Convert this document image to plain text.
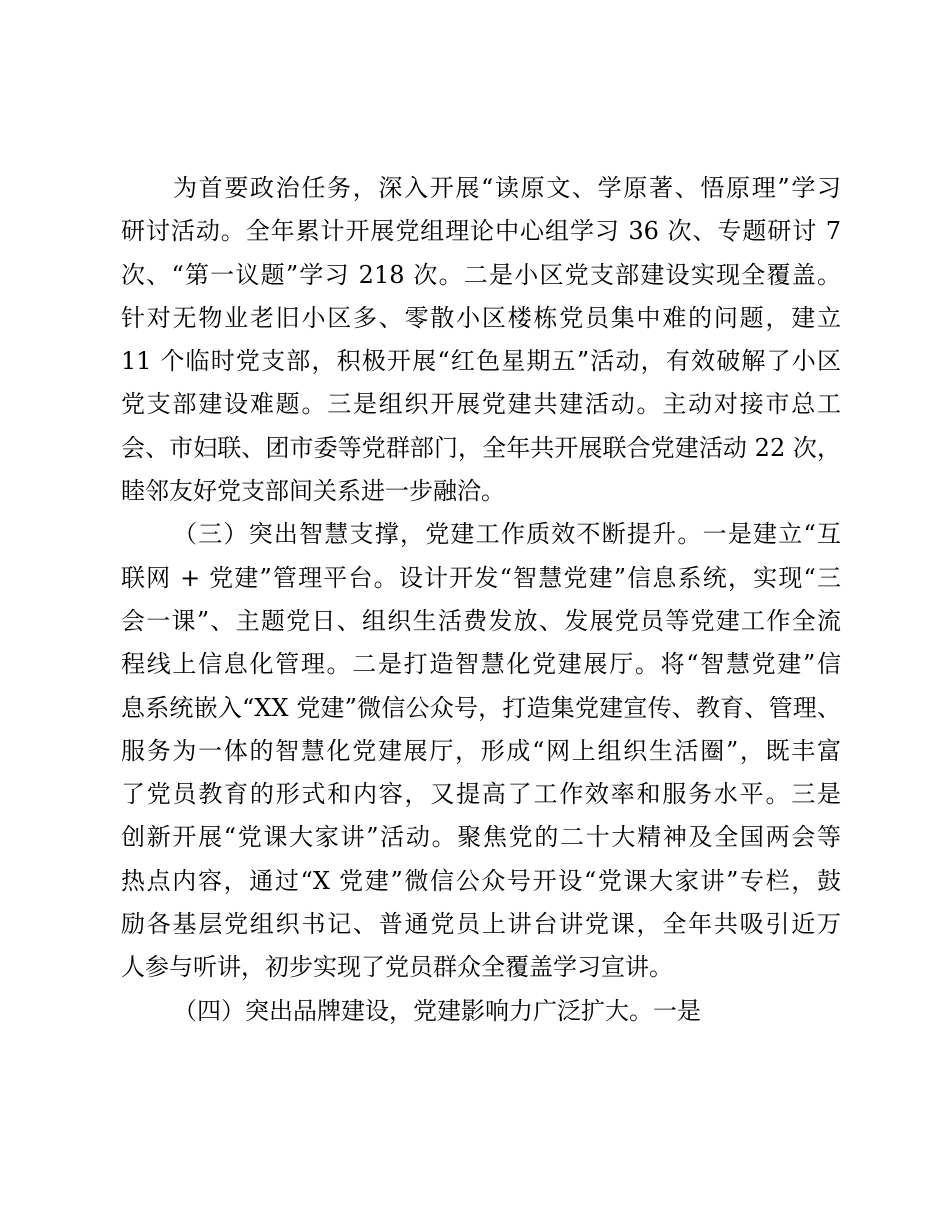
为首要政治任务，深入开展“读原文、学原著、悟原理”学习
研讨活动。全年累计开展党组理论中心组学习 36 次、专题研讨 7
次、“第一议题”学习 218 次。二是小区党支部建设实现全覆盖。
针对无物业老旧小区多、零散小区楼栋党员集中难的问题，建立
11 个临时党支部，积极开展“红色星期五”活动，有效破解了小区
党支部建设难题。三是组织开展党建共建活动。主动对接市总工
会、市妇联、团市委等党群部门，全年共开展联合党建活动 22 次，
睦邻友好党支部间关系进一步融洽。
（三）突出智慧支撑，党建工作质效不断提升。一是建立“互
联网 + 党建”管理平台。设计开发“智慧党建”信息系统，实现“三
会一课”、主题党日、组织生活费发放、发展党员等党建工作全流
程线上信息化管理。二是打造智慧化党建展厅。将“智慧党建”信
息系统嵌入“XX 党建”微信公众号，打造集党建宣传、教育、管理、
服务为一体的智慧化党建展厅，形成“网上组织生活圈”，既丰富
了党员教育的形式和内容，又提高了工作效率和服务水平。三是
创新开展“党课大家讲”活动。聚焦党的二十大精神及全国两会等
热点内容，通过“X 党建”微信公众号开设“党课大家讲”专栏，鼓
励各基层党组织书记、普通党员上讲台讲党课，全年共吸引近万
人参与听讲，初步实现了党员群众全覆盖学习宣讲。
（四）突出品牌建设，党建影响力广泛扩大。一是
